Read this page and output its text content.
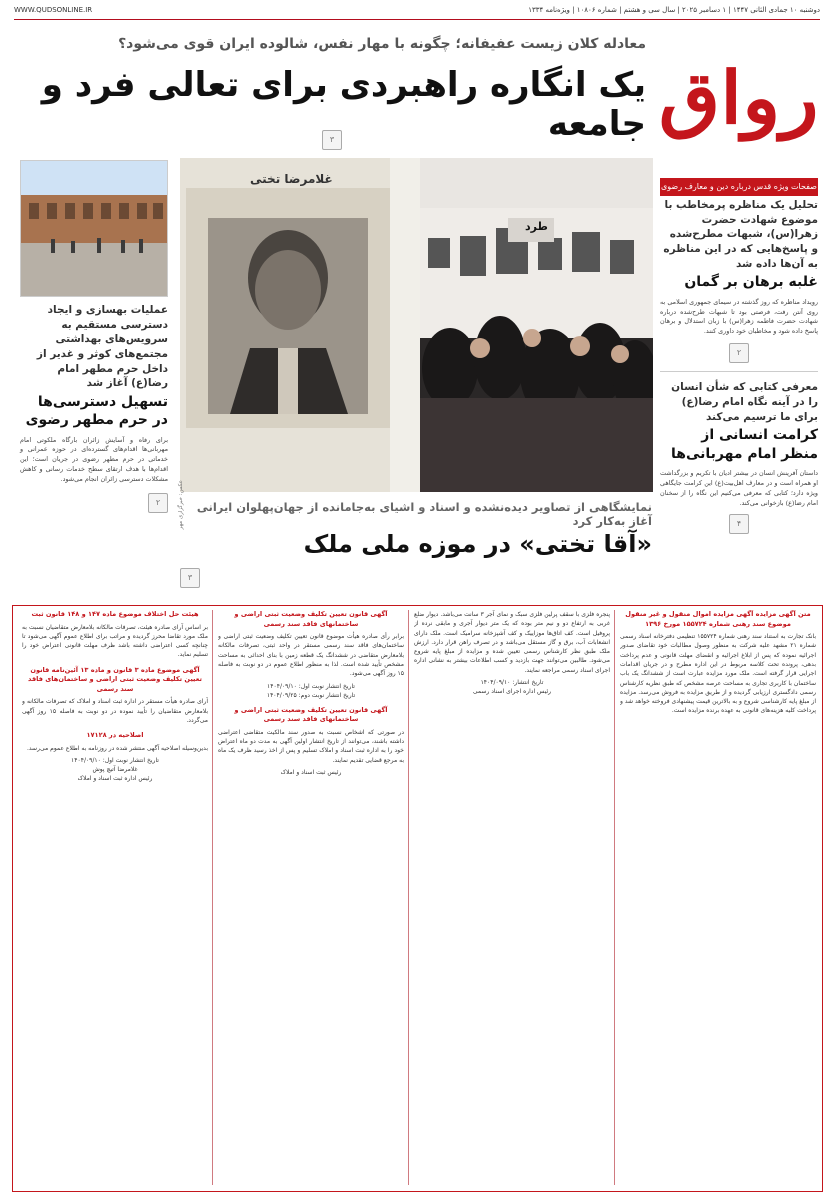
دوشنبه ۱۰ جمادی الثانی ۱۴۴۷ | ۱ دسامبر ۲۰۲۵ | سال سی و هشتم | شماره ۱۰۸۰۶ | ویژه‌نامه ۱۳۳۴
WWW.QUDSONLINE.IR
رواق
صفحات ویژه قدس درباره دین و معارف رضوی
معادله کلان زیست عفیفانه؛ چگونه با مهار نفس، شالوده ایران قوی می‌شود؟
یک انگاره راهبردی برای تعالی فرد و جامعه
۳
تحلیل یک مناظره پرمخاطب با موضوع شهادت حضرت زهرا(س)، شبهات مطرح‌شده و پاسخ‌هایی که در این مناظره به آن‌ها داده شد
غلبه برهان بر گمان
رویداد مناظره که روز گذشته در سیمای جمهوری اسلامی به روی آنتن رفت، فرصتی بود تا شبهات طرح‌شده درباره شهادت حضرت فاطمه زهرا(س) با زبان استدلال و برهان پاسخ داده شود و مخاطبان خود داوری کنند.
۲
معرفی کتابی که شأن انسان را در آینه نگاه امام رضا(ع) برای ما ترسیم می‌کند
کرامت انسانی از منظر امام مهربانی‌ها
داستان آفرینش انسان در بیشتر ادیان با تکریم و بزرگداشت او همراه است و در معارف اهل‌بیت(ع) این کرامت جایگاهی ویژه دارد؛ کتابی که معرفی می‌کنیم این نگاه را از سخنان امام رضا(ع) بازخوانی می‌کند.
۴
عملیات بهسازی و ایجاد دسترسی مستقیم به سرویس‌های بهداشتی مجتمع‌های کوثر و غدیر از داخل حرم مطهر امام رضا(ع) آغاز شد
تسهیل دسترسی‌ها در حرم مطهر رضوی
برای رفاه و آسایش زائران بارگاه ملکوتی امام مهربانی‌ها اقدام‌های گسترده‌ای در حوزه عمرانی و خدماتی در حرم مطهر رضوی در جریان است؛ این اقدام‌ها با هدف ارتقای سطح خدمات رسانی و کاهش مشکلات دسترسی زائران انجام می‌شود.
۲
غلامرضا تختی
طرد
عکس: خبرگزاری مهر	نمایشگاهی از تصاویر دیده‌نشده و اسناد و اشیای به‌جامانده از جهان‌پهلوان ایرانی آغاز به‌کار کرد
«آقا تختی» در موزه ملی ملک
۳
متن آگهی مزایده آگهی مزایده اموال منقول و غیر منقول موضوع سند رهنی شماره ۱۵۵۷۲۴ مورخ ۱۳۹۶
بانک تجارت به استناد سند رهنی شماره ۱۵۵۷۲۴ تنظیمی دفترخانه اسناد رسمی شماره ۲۱ مشهد علیه شرکت به منظور وصول مطالبات خود تقاضای صدور اجرائیه نموده که پس از ابلاغ اجرائیه و انقضای مهلت قانونی و عدم پرداخت بدهی، پرونده تحت کلاسه مربوط در این اداره مطرح و در جریان اقدامات اجرایی قرار گرفته است. ملک مورد مزایده عبارت است از ششدانگ یک باب ساختمان با کاربری تجاری به مساحت عرصه مشخص که طبق نظریه کارشناس رسمی دادگستری ارزیابی گردیده و از طریق مزایده به فروش می‌رسد. مزایده از مبلغ پایه کارشناسی شروع و به بالاترین قیمت پیشنهادی فروخته خواهد شد و پرداخت کلیه هزینه‌های قانونی به عهده برنده مزایده است.
پنجره فلزی با سقف پرلین فلزی سبک و نمای آجر ۳ سانت می‌باشد. دیوار ضلع غربی به ارتفاع دو و نیم متر بوده که یک متر دیوار آجری و مابقی نرده از پروفیل است. کف اتاق‌ها موزاییک و کف آشپزخانه سرامیک است. ملک دارای انشعابات آب، برق و گاز مستقل می‌باشد و در تصرف راهن قرار دارد. ارزش ملک طبق نظر کارشناس رسمی تعیین شده و مزایده از مبلغ پایه شروع می‌شود. طالبین می‌توانند جهت بازدید و کسب اطلاعات بیشتر به نشانی اداره اجرای اسناد رسمی مراجعه نمایند.
تاریخ انتشار: ۱۴۰۴/۰۹/۱۰
رئیس اداره اجرای اسناد رسمی
آگهی قانون تعیین تکلیف وضعیت ثبتی اراضی و ساختمانهای فاقد سند رسمی
برابر رأی صادره هیأت موضوع قانون تعیین تکلیف وضعیت ثبتی اراضی و ساختمان‌های فاقد سند رسمی مستقر در واحد ثبتی، تصرفات مالکانه بلامعارض متقاضی در ششدانگ یک قطعه زمین با بنای احداثی به مساحت مشخص تأیید شده است. لذا به منظور اطلاع عموم در دو نوبت به فاصله ۱۵ روز آگهی می‌شود.
تاریخ انتشار نوبت اول: ۱۴۰۴/۰۹/۱۰
تاریخ انتشار نوبت دوم: ۱۴۰۴/۰۹/۲۵
آگهی قانون تعیین تکلیف وضعیت ثبتی اراضی و ساختمانهای فاقد سند رسمی
در صورتی که اشخاص نسبت به صدور سند مالکیت متقاضی اعتراضی داشته باشند، می‌توانند از تاریخ انتشار اولین آگهی به مدت دو ماه اعتراض خود را به اداره ثبت اسناد و املاک تسلیم و پس از اخذ رسید ظرف یک ماه به مرجع قضایی تقدیم نمایند.
رئیس ثبت اسناد و املاک
هیئت حل اختلاف موضوع ماده ۱۴۷ و ۱۴۸ قانون ثبت
بر اساس آرای صادره هیئت، تصرفات مالکانه بلامعارض متقاضیان نسبت به ملک مورد تقاضا محرز گردیده و مراتب برای اطلاع عموم آگهی می‌شود تا چنانچه کسی اعتراضی داشته باشد ظرف مهلت قانونی اعتراض خود را تسلیم نماید.
آگهی موضوع ماده ۳ قانون و ماده ۱۳ آئین‌نامه قانون تعیین تکلیف وضعیت ثبتی اراضی و ساختمان‌های فاقد سند رسمی
آرای صادره هیأت مستقر در اداره ثبت اسناد و املاک که تصرفات مالکانه و بلامعارض متقاضیان را تأیید نموده در دو نوبت به فاصله ۱۵ روز آگهی می‌گردد.
اصلاحیه در ۱۷۱۲۸
بدین‌وسیله اصلاحیه آگهی منتشر شده در روزنامه به اطلاع عموم می‌رسد.
تاریخ انتشار نوبت اول: ۱۴۰۴/۰۹/۱۰
غلامرضا آتیچ پوش
رئیس اداره ثبت اسناد و املاک
